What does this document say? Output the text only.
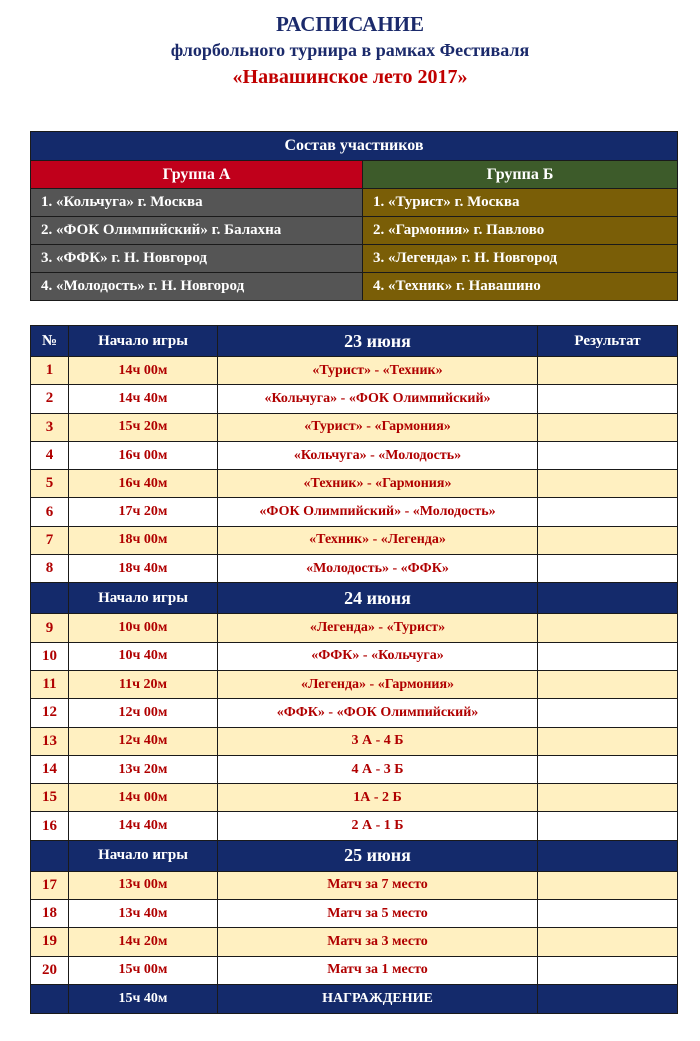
РАСПИСАНИЕ
флорбольного турнира в рамках Фестиваля
«Навашинское лето 2017»
Состав участников	
Группа А	Группа Б
1. «Кольчуга» г. Москва	1. «Турист» г. Москва
2. «ФОК Олимпийский» г. Балахна	2. «Гармония» г. Павлово
3. «ФФК» г. Н. Новгород	3. «Легенда» г. Н. Новгород
4. «Молодость» г. Н. Новгород	4. «Техник» г. Навашино
№	Начало игры	23 июня	Результат
1	14ч 00м	«Турист» - «Техник»	
2	14ч 40м	«Кольчуга» - «ФОК Олимпийский»	
3	15ч 20м	«Турист» - «Гармония»	
4	16ч 00м	«Кольчуга» - «Молодость»	
5	16ч 40м	«Техник» - «Гармония»	
6	17ч 20м	«ФОК Олимпийский» - «Молодость»	
7	18ч 00м	«Техник» - «Легенда»	
8	18ч 40м	«Молодость» - «ФФК»	
	Начало игры	24 июня	
9	10ч 00м	«Легенда» - «Турист»	
10	10ч 40м	«ФФК» - «Кольчуга»	
11	11ч 20м	«Легенда» - «Гармония»	
12	12ч 00м	«ФФК» - «ФОК Олимпийский»	
13	12ч 40м	3 А - 4 Б	
14	13ч 20м	4 А - 3 Б	
15	14ч 00м	1А - 2 Б	
16	14ч 40м	2 А - 1 Б	
	Начало игры	25 июня	
17	13ч 00м	Матч за 7 место	
18	13ч 40м	Матч за 5 место	
19	14ч 20м	Матч за 3 место	
20	15ч 00м	Матч за 1 место	
	15ч 40м	НАГРАЖДЕНИЕ	
